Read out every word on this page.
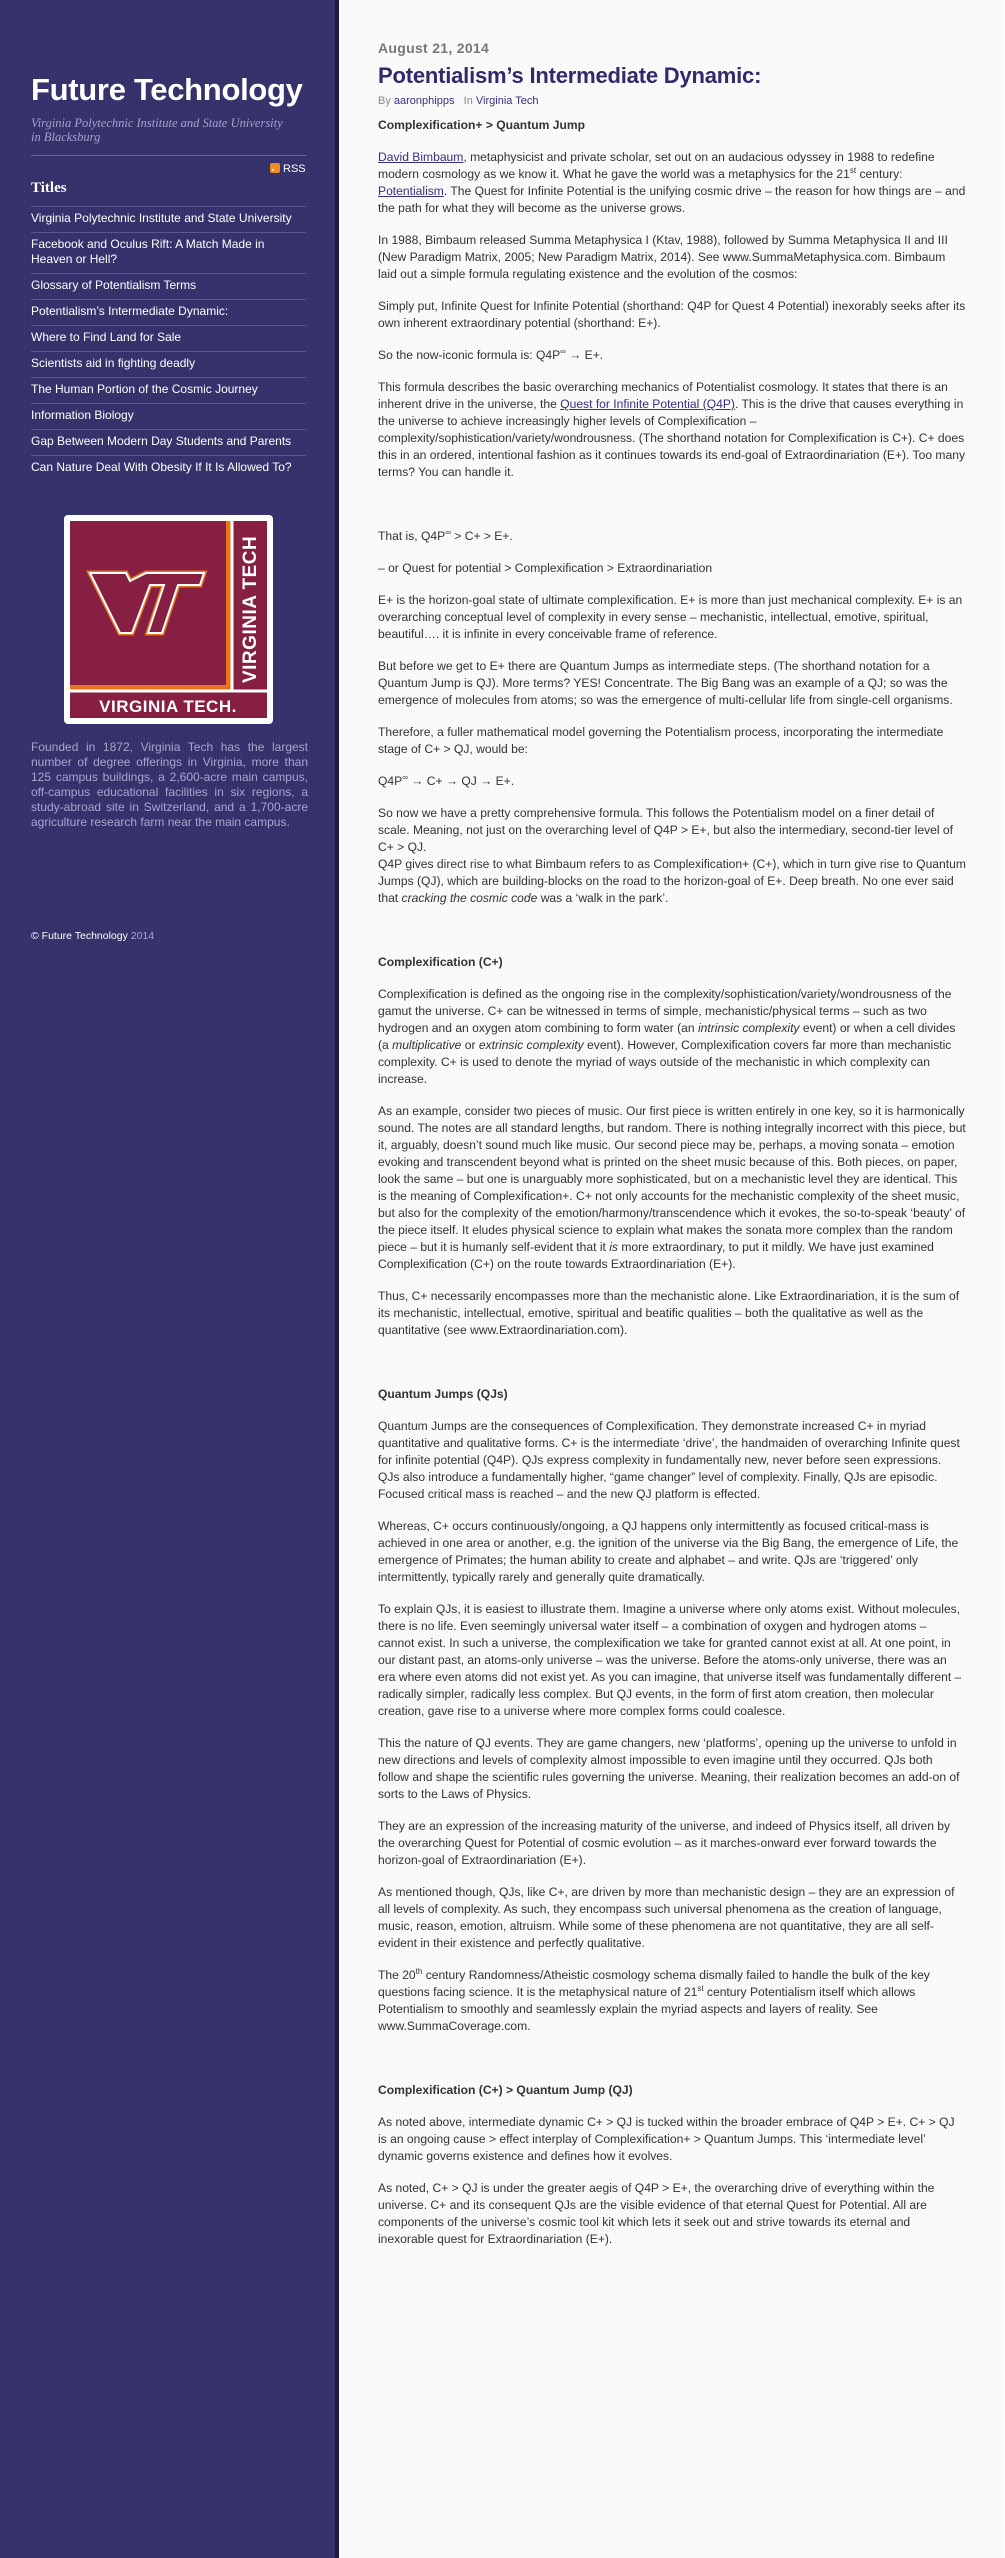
Future Technology
Virginia Polytechnic Institute and State University in Blacksburg
RSS
Titles
Virginia Polytechnic Institute and State University
Facebook and Oculus Rift: A Match Made in Heaven or Hell?
Glossary of Potentialism Terms
Potentialism’s Intermediate Dynamic:
Where to Find Land for Sale
Scientists aid in fighting deadly
The Human Portion of the Cosmic Journey
Information Biology
Gap Between Modern Day Students and Parents
Can Nature Deal With Obesity If It Is Allowed To?
VIRGINIA TECH
VIRGINIA TECH.
Founded in 1872, Virginia Tech has the largest number of degree offerings in Virginia, more than 125 campus buildings, a 2,600-acre main campus, off-campus educational facilities in six regions, a study-abroad site in Switzerland, and a 1,700-acre agriculture research farm near the main campus.
© Future Technology 2014
August 21, 2014
Potentialism’s Intermediate Dynamic:
By aaronphipps In Virginia Tech

Complexification+ > Quantum Jump

David Bimbaum, metaphysicist and private scholar, set out on an audacious odyssey in 1988 to redefine modern cosmology as we know it. What he gave the world was a metaphysics for the 21st century: Potentialism. The Quest for Infinite Potential is the unifying cosmic drive – the reason for how things are – and the path for what they will become as the universe grows.

In 1988, Bimbaum released Summa Metaphysica I (Ktav, 1988), followed by Summa Metaphysica II and III (New Paradigm Matrix, 2005; New Paradigm Matrix, 2014). See www.SummaMetaphysica.com. Bimbaum laid out a simple formula regulating existence and the evolution of the cosmos:

Simply put, Infinite Quest for Infinite Potential (shorthand: Q4P for Quest 4 Potential) inexorably seeks after its own inherent extraordinary potential (shorthand: E+).

So the now-iconic formula is: Q4P∞ → E+.

This formula describes the basic overarching mechanics of Potentialist cosmology. It states that there is an inherent drive in the universe, the Quest for Infinite Potential (Q4P). This is the drive that causes everything in the universe to achieve increasingly higher levels of Complexification – complexity/sophistication/variety/wondrousness. (The shorthand notation for Complexification is C+). C+ does this in an ordered, intentional fashion as it continues towards its end-goal of Extraordinariation (E+). Too many terms? You can handle it.

That is, Q4P∞ > C+ > E+.

– or Quest for potential > Complexification > Extraordinariation

E+ is the horizon-goal state of ultimate complexification. E+ is more than just mechanical complexity. E+ is an overarching conceptual level of complexity in every sense – mechanistic, intellectual, emotive, spiritual, beautiful…. it is infinite in every conceivable frame of reference.

But before we get to E+ there are Quantum Jumps as intermediate steps. (The shorthand notation for a Quantum Jump is QJ). More terms? YES! Concentrate. The Big Bang was an example of a QJ; so was the emergence of molecules from atoms; so was the emergence of multi-cellular life from single-cell organisms.

Therefore, a fuller mathematical model governing the Potentialism process, incorporating the intermediate stage of C+ > QJ, would be:

Q4P∞ → C+ → QJ → E+.

So now we have a pretty comprehensive formula. This follows the Potentialism model on a finer detail of scale. Meaning, not just on the overarching level of Q4P > E+, but also the intermediary, second-tier level of C+ > QJ.

Q4P gives direct rise to what Bimbaum refers to as Complexification+ (C+), which in turn give rise to Quantum Jumps (QJ), which are building-blocks on the road to the horizon-goal of E+. Deep breath. No one ever said that cracking the cosmic code was a ‘walk in the park’.

Complexification (C+)

Complexification is defined as the ongoing rise in the complexity/sophistication/variety/wondrousness of the gamut the universe. C+ can be witnessed in terms of simple, mechanistic/physical terms – such as two hydrogen and an oxygen atom combining to form water (an intrinsic complexity event) or when a cell divides (a multiplicative or extrinsic complexity event). However, Complexification covers far more than mechanistic complexity. C+ is used to denote the myriad of ways outside of the mechanistic in which complexity can increase.

As an example, consider two pieces of music. Our first piece is written entirely in one key, so it is harmonically sound. The notes are all standard lengths, but random. There is nothing integrally incorrect with this piece, but it, arguably, doesn’t sound much like music. Our second piece may be, perhaps, a moving sonata – emotion evoking and transcendent beyond what is printed on the sheet music because of this. Both pieces, on paper, look the same – but one is unarguably more sophisticated, but on a mechanistic level they are identical. This is the meaning of Complexification+. C+ not only accounts for the mechanistic complexity of the sheet music, but also for the complexity of the emotion/harmony/transcendence which it evokes, the so-to-speak ‘beauty’ of the piece itself. It eludes physical science to explain what makes the sonata more complex than the random piece – but it is humanly self-evident that it is more extraordinary, to put it mildly. We have just examined Complexification (C+) on the route towards Extraordinariation (E+).

Thus, C+ necessarily encompasses more than the mechanistic alone. Like Extraordinariation, it is the sum of its mechanistic, intellectual, emotive, spiritual and beatific qualities – both the qualitative as well as the quantitative (see www.Extraordinariation.com).

Quantum Jumps (QJs)

Quantum Jumps are the consequences of Complexification. They demonstrate increased C+ in myriad quantitative and qualitative forms. C+ is the intermediate ‘drive’, the handmaiden of overarching Infinite quest for infinite potential (Q4P). QJs express complexity in fundamentally new, never before seen expressions. QJs also introduce a fundamentally higher, “game changer” level of complexity. Finally, QJs are episodic. Focused critical mass is reached – and the new QJ platform is effected.

Whereas, C+ occurs continuously/ongoing, a QJ happens only intermittently as focused critical-mass is achieved in one area or another, e.g. the ignition of the universe via the Big Bang, the emergence of Life, the emergence of Primates; the human ability to create and alphabet – and write. QJs are ‘triggered’ only intermittently, typically rarely and generally quite dramatically.

To explain QJs, it is easiest to illustrate them. Imagine a universe where only atoms exist. Without molecules, there is no life. Even seemingly universal water itself – a combination of oxygen and hydrogen atoms – cannot exist. In such a universe, the complexification we take for granted cannot exist at all. At one point, in our distant past, an atoms-only universe – was the universe. Before the atoms-only universe, there was an era where even atoms did not exist yet. As you can imagine, that universe itself was fundamentally different – radically simpler, radically less complex. But QJ events, in the form of first atom creation, then molecular creation, gave rise to a universe where more complex forms could coalesce.

This the nature of QJ events. They are game changers, new ‘platforms’, opening up the universe to unfold in new directions and levels of complexity almost impossible to even imagine until they occurred. QJs both follow and shape the scientific rules governing the universe. Meaning, their realization becomes an add-on of sorts to the Laws of Physics.

They are an expression of the increasing maturity of the universe, and indeed of Physics itself, all driven by the overarching Quest for Potential of cosmic evolution – as it marches-onward ever forward towards the horizon-goal of Extraordinariation (E+).

As mentioned though, QJs, like C+, are driven by more than mechanistic design – they are an expression of all levels of complexity. As such, they encompass such universal phenomena as the creation of language, music, reason, emotion, altruism. While some of these phenomena are not quantitative, they are all self-evident in their existence and perfectly qualitative.

The 20th century Randomness/Atheistic cosmology schema dismally failed to handle the bulk of the key questions facing science. It is the metaphysical nature of 21st century Potentialism itself which allows Potentialism to smoothly and seamlessly explain the myriad aspects and layers of reality. See www.SummaCoverage.com.

Complexification (C+) > Quantum Jump (QJ)

As noted above, intermediate dynamic C+ > QJ is tucked within the broader embrace of Q4P > E+. C+ > QJ is an ongoing cause > effect interplay of Complexification+ > Quantum Jumps. This ‘intermediate level’ dynamic governs existence and defines how it evolves.

As noted, C+ > QJ is under the greater aegis of Q4P > E+, the overarching drive of everything within the universe. C+ and its consequent QJs are the visible evidence of that eternal Quest for Potential. All are components of the universe’s cosmic tool kit which lets it seek out and strive towards its eternal and inexorable quest for Extraordinariation (E+).
